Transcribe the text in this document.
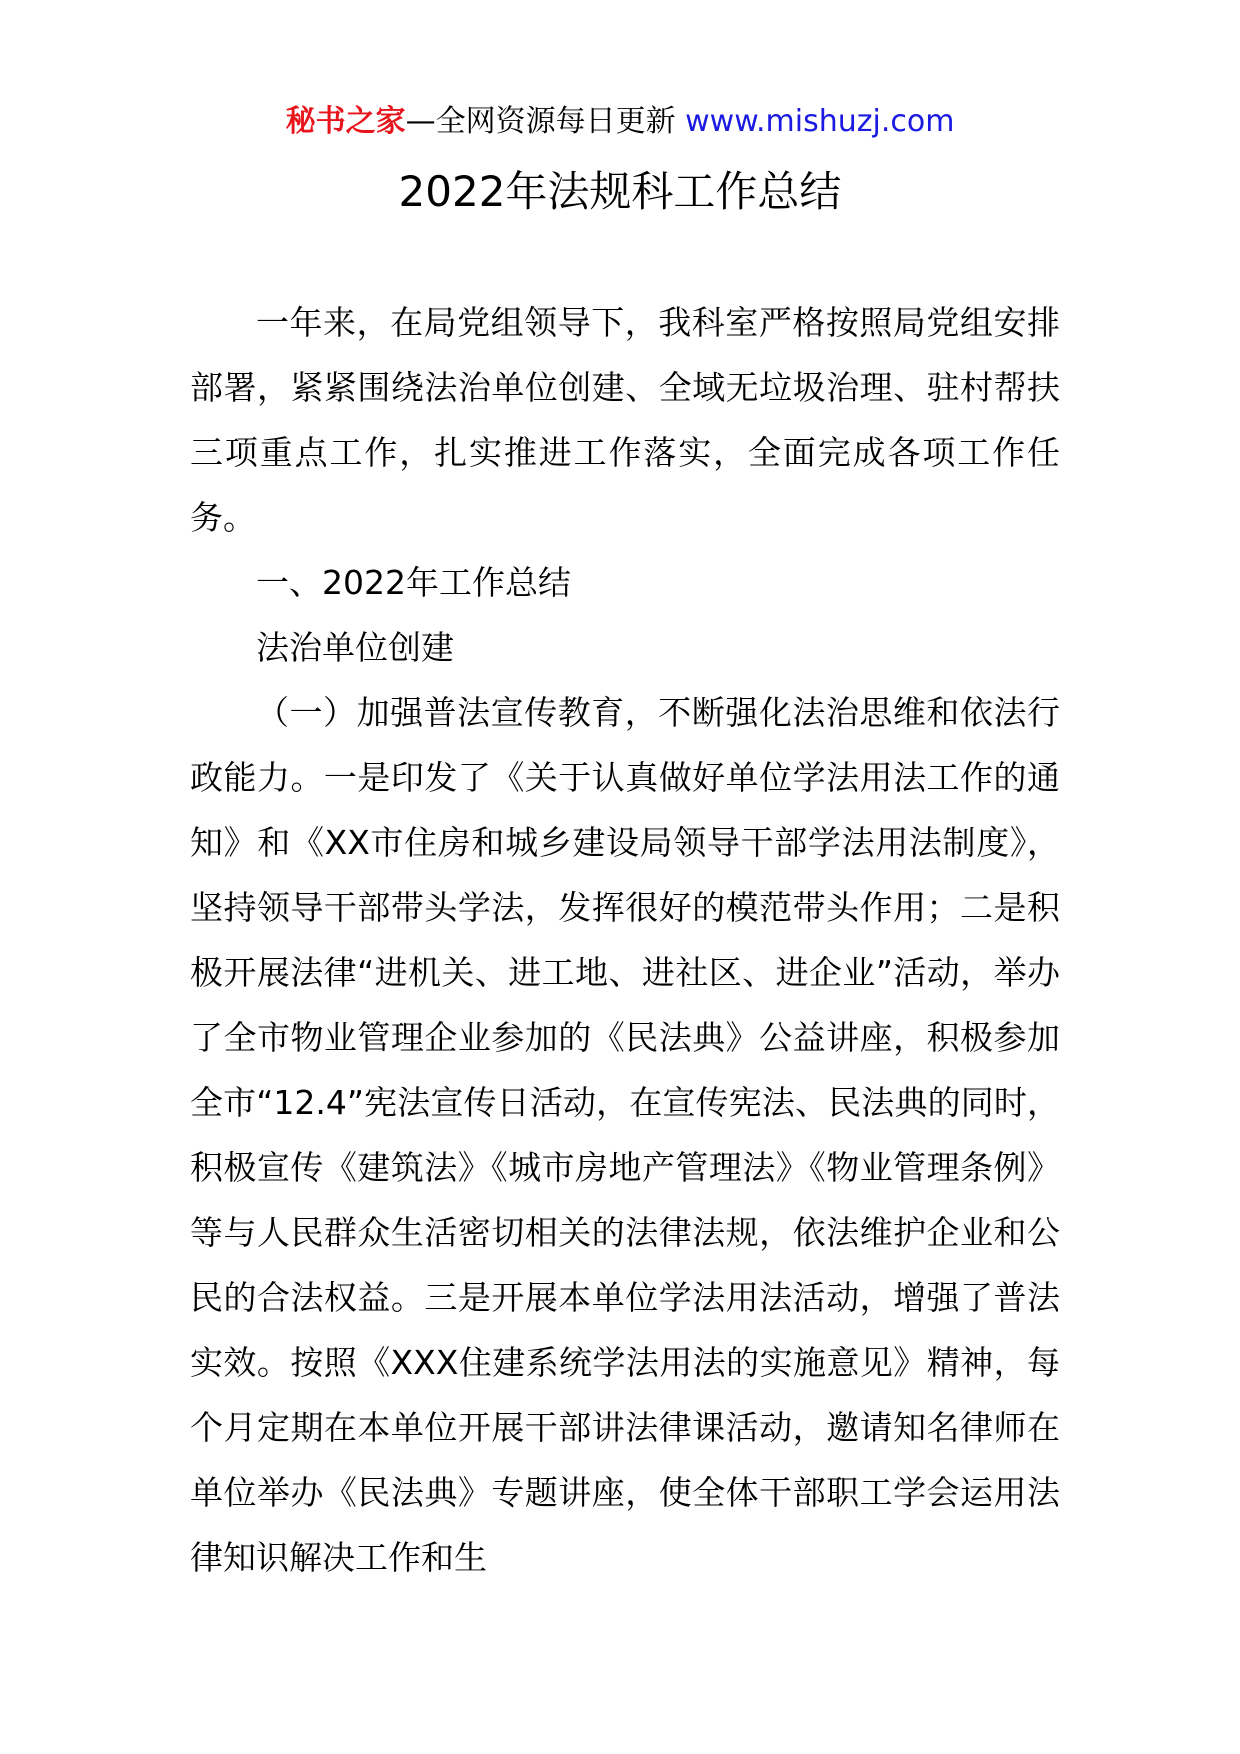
秘书之家—全网资源每日更新 www.mishuzj.com
2022年法规科工作总结

一年来，在局党组领导下，我科室严格按照局党组安排部署，紧紧围绕法治单位创建、全域无垃圾治理、驻村帮扶三项重点工作，扎实推进工作落实，全面完成各项工作任务。

一、2022年工作总结

法治单位创建

（一）加强普法宣传教育，不断强化法治思维和依法行政能力。一是印发了《关于认真做好单位学法用法工作的通知》和《XX市住房和城乡建设局领导干部学法用法制度》，坚持领导干部带头学法，发挥很好的模范带头作用；二是积极开展法律“进机关、进工地、进社区、进企业”活动，举办了全市物业管理企业参加的《民法典》公益讲座，积极参加全市“12.4”宪法宣传日活动，在宣传宪法、民法典的同时，积极宣传《建筑法》《城市房地产管理法》《物业管理条例》等与人民群众生活密切相关的法律法规，依法维护企业和公民的合法权益。三是开展本单位学法用法活动，增强了普法实效。按照《XXX住建系统学法用法的实施意见》精神，每个月定期在本单位开展干部讲法律课活动，邀请知名律师在单位举办《民法典》专题讲座，使全体干部职工学会运用法律知识解决工作和生
